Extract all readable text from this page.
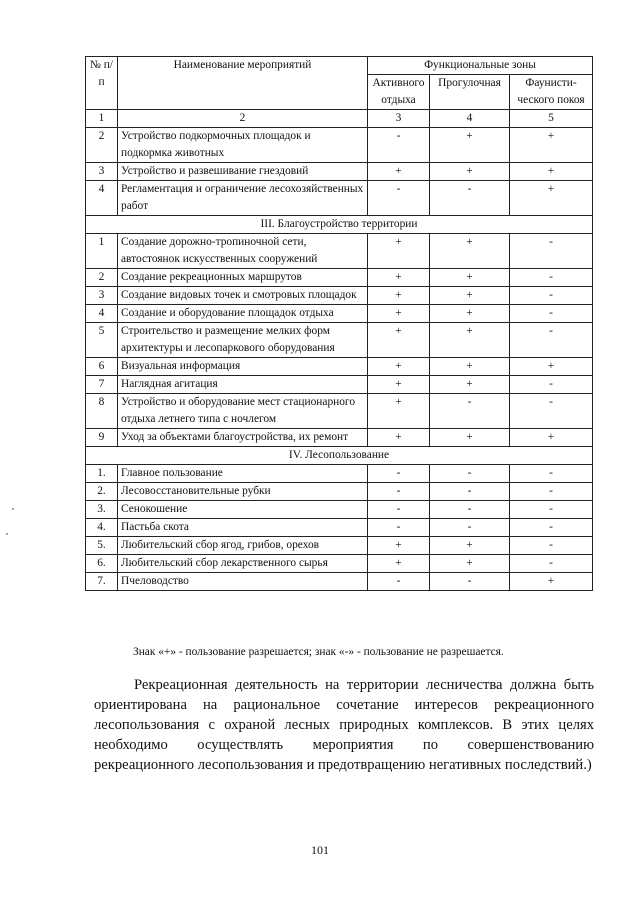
№ п/п	Наименование мероприятий	Функциональные зоны		
		Активного отдыха	Прогулочная	Фаунисти-ческого покоя
1	2	3	4	5
2	Устройство подкормочных площадок и подкормка животных	-	+	+
3	Устройство и развешивание гнездовий	+	+	+
4	Регламентация и ограничение лесохозяйственных работ	-	-	+
III. Благоустройство территории				
1	Создание дорожно-тропиночной сети, автостоянок искусственных сооружений	+	+	-
2	Создание рекреационных маршрутов	+	+	-
3	Создание видовых точек и смотровых площадок	+	+	-
4	Создание и оборудование площадок отдыха	+	+	-
5	Строительство и размещение мелких форм архитектуры и лесопаркового оборудования	+	+	-
6	Визуальная информация	+	+	+
7	Наглядная агитация	+	+	-
8	Устройство и оборудование мест стационарного отдыха летнего типа с ночлегом	+	-	-
9	Уход за объектами благоустройства, их ремонт	+	+	+
IV. Лесопользование				
1.	Главное пользование	-	-	-
2.	Лесовосстановительные рубки	-	-	-
3.	Сенокошение	-	-	-
4.	Пастьба скота	-	-	-
5.	Любительский сбор ягод, грибов, орехов	+	+	-
6.	Любительский сбор лекарственного сырья	+	+	-
7.	Пчеловодство	-	-	+
Знак «+» - пользование разрешается; знак «-» - пользование не разрешается.

Рекреационная деятельность на территории лесничества должна быть ориентирована на рациональное сочетание интересов рекреационного лесопользования с охраной лесных природных комплексов. В этих целях необходимо осуществлять мероприятия по совершенствованию рекреационного лесопользования и предотвращению негативных последствий.)

101
